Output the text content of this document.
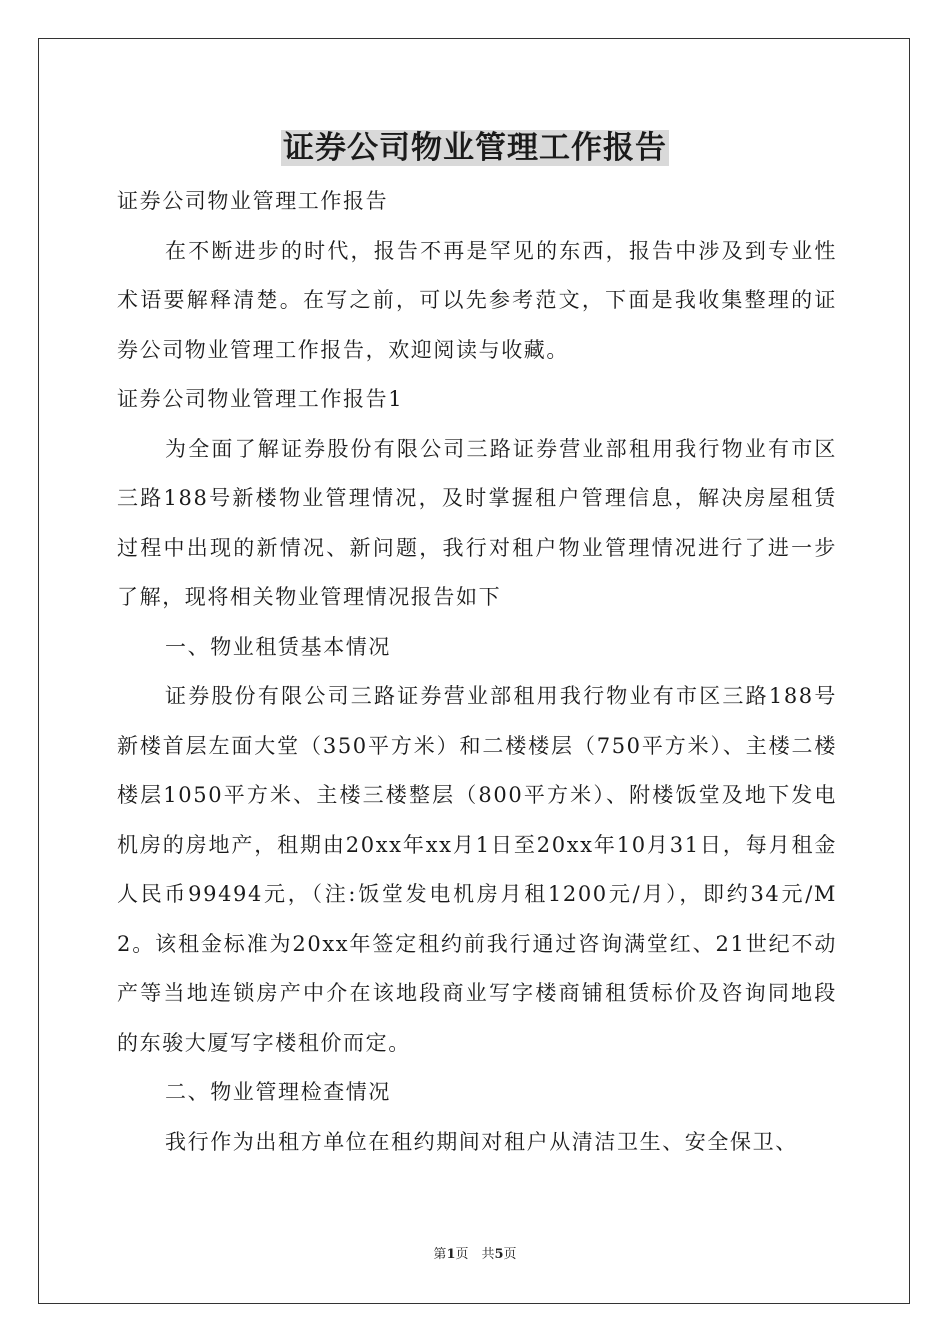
证券公司物业管理工作报告

证券公司物业管理工作报告

在不断进步的时代，报告不再是罕见的东西，报告中涉及到专业性术语要解释清楚。在写之前，可以先参考范文，下面是我收集整理的证券公司物业管理工作报告，欢迎阅读与收藏。

证券公司物业管理工作报告1

为全面了解证券股份有限公司三路证券营业部租用我行物业有市区三路188号新楼物业管理情况，及时掌握租户管理信息，解决房屋租赁过程中出现的新情况、新问题，我行对租户物业管理情况进行了进一步了解，现将相关物业管理情况报告如下

一、物业租赁基本情况

证券股份有限公司三路证券营业部租用我行物业有市区三路188号新楼首层左面大堂（350平方米）和二楼楼层（750平方米）、主楼二楼楼层1050平方米、主楼三楼整层（800平方米）、附楼饭堂及地下发电机房的房地产，租期由20xx年xx月1日至20xx年10月31日，每月租金人民币99494元，（注:饭堂发电机房月租1200元/月），即约34元/M2。该租金标准为20xx年签定租约前我行通过咨询满堂红、21世纪不动产等当地连锁房产中介在该地段商业写字楼商铺租赁标价及咨询同地段的东骏大厦写字楼租价而定。

二、物业管理检查情况

我行作为出租方单位在租约期间对租户从清洁卫生、安全保卫、

第1页　共5页
